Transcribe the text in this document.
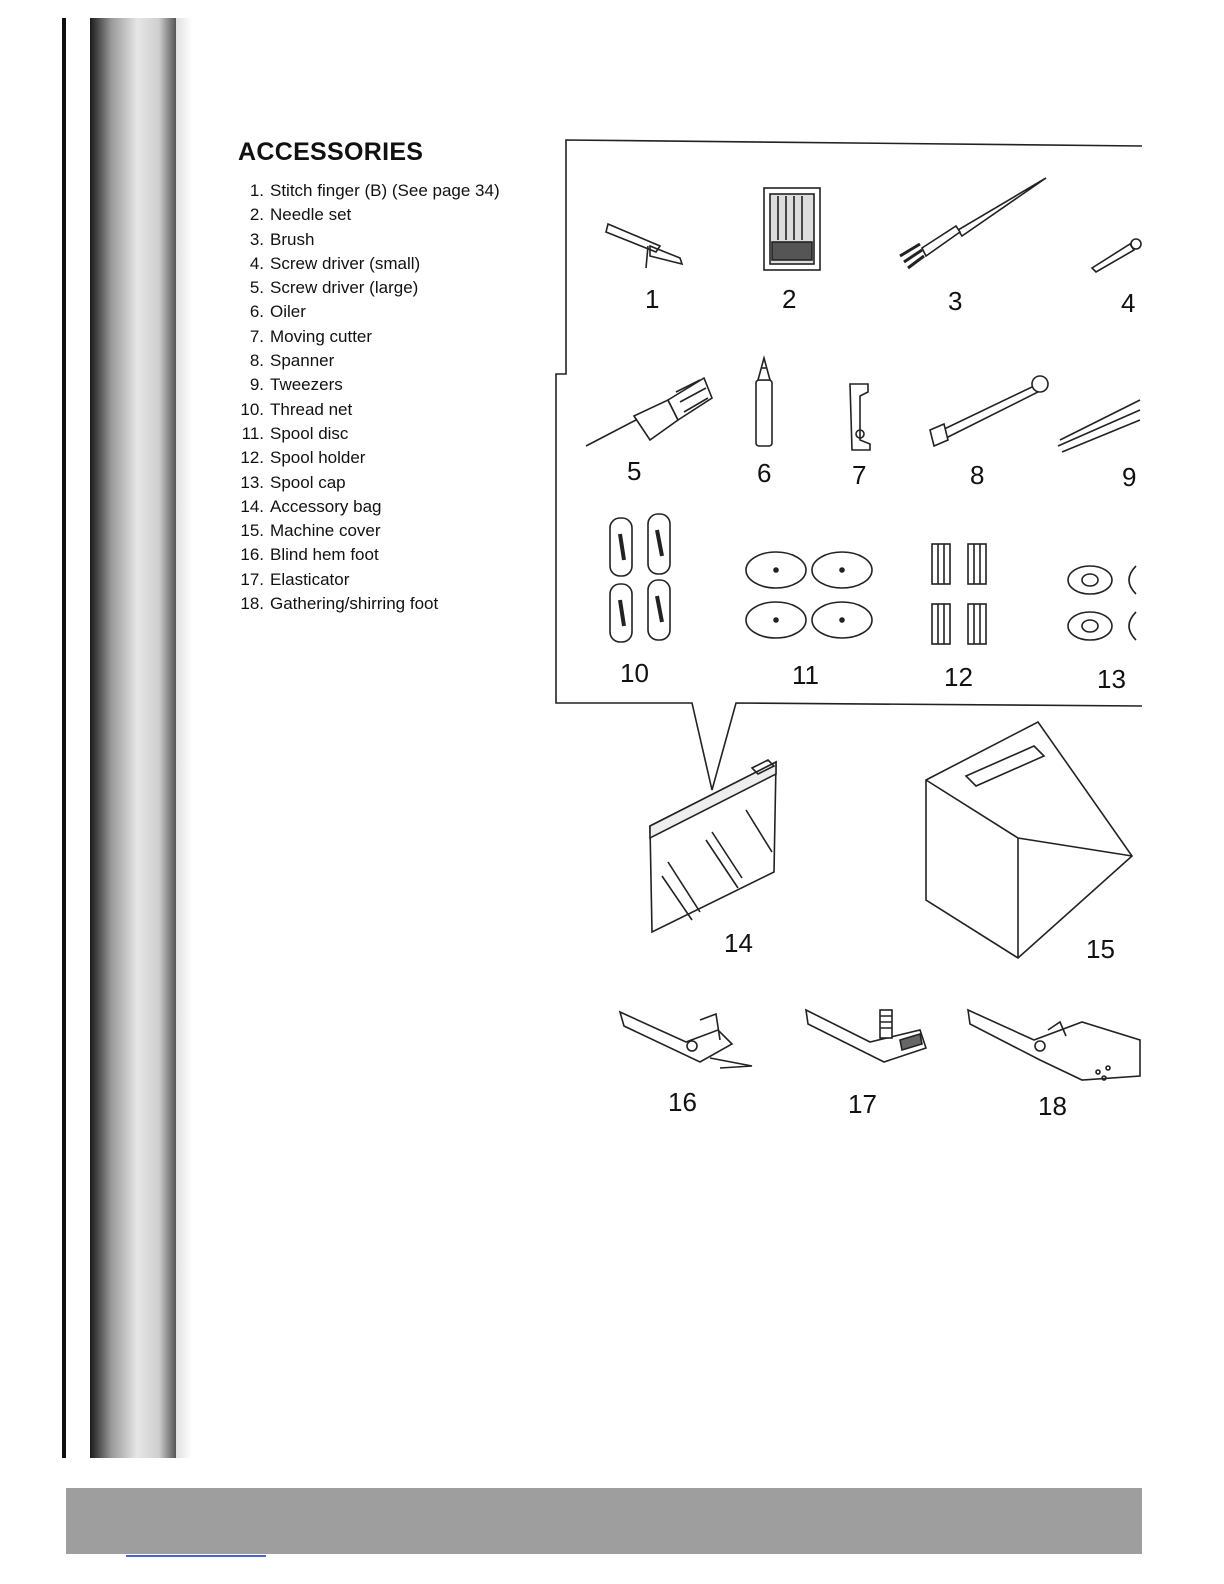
ACCESSORIES
1. Stitch finger (B) (See page 34)
2. Needle set
3. Brush
4. Screw driver (small)
5. Screw driver (large)
6. Oiler
7. Moving cutter
8. Spanner
9. Tweezers
10. Thread net
11. Spool disc
12. Spool holder
13. Spool cap
14. Accessory bag
15. Machine cover
16. Blind hem foot
17. Elasticator
18. Gathering/shirring foot
1	2	3	4
5	6	7	8	9
10	11	12	13
14	15
16	17	18
